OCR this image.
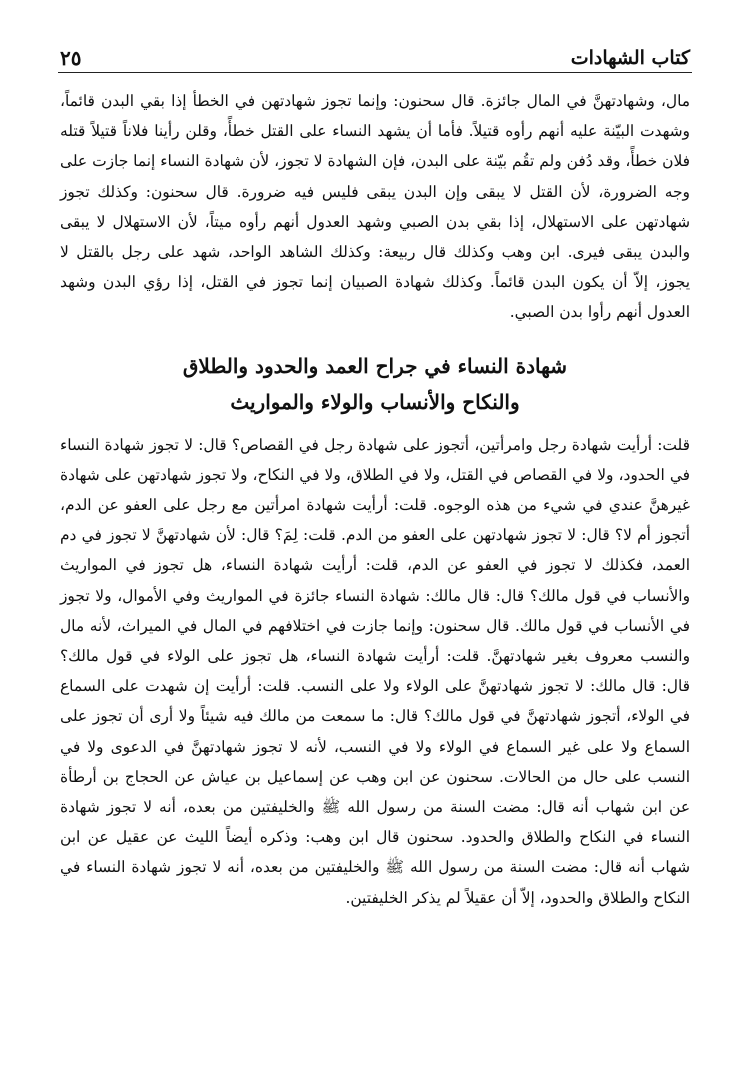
كتاب الشهادات
٢٥

مال، وشهادتهنَّ في المال جائزة. قال سحنون: وإنما تجوز شهادتهن في الخطأ إذا بقي البدن قائماً، وشهدت البيّنة عليه أنهم رأوه قتيلاً. فأما أن يشهد النساء على القتل خطأً، وقلن رأينا فلاناً قتيلاً قتله فلان خطأً، وقد دُفن ولم تقُم بيّنة على البدن، فإن الشهادة لا تجوز، لأن شهادة النساء إنما جازت على وجه الضرورة، لأن القتل لا يبقى وإن البدن يبقى فليس فيه ضرورة. قال سحنون: وكذلك تجوز شهادتهن على الاستهلال، إذا بقي بدن الصبي وشهد العدول أنهم رأوه ميتاً، لأن الاستهلال لا يبقى والبدن يبقى فيرى. ابن وهب وكذلك قال ربيعة: وكذلك الشاهد الواحد، شهد على رجل بالقتل لا يجوز، إلاّ أن يكون البدن قائماً. وكذلك شهادة الصبيان إنما تجوز في القتل، إذا رؤي البدن وشهد العدول أنهم رأوا بدن الصبي.

شهادة النساء في جراح العمد والحدود والطلاق
والنكاح والأنساب والولاء والمواريث

قلت: أرأيت شهادة رجل وامرأتين، أتجوز على شهادة رجل في القصاص؟ قال: لا تجوز شهادة النساء في الحدود، ولا في القصاص في القتل، ولا في الطلاق، ولا في النكاح، ولا تجوز شهادتهن على شهادة غيرهنَّ عندي في شيء من هذه الوجوه. قلت: أرأيت شهادة امرأتين مع رجل على العفو عن الدم، أتجوز أم لا؟ قال: لا تجوز شهادتهن على العفو من الدم. قلت: لِمَ؟ قال: لأن شهادتهنَّ لا تجوز في دم العمد، فكذلك لا تجوز في العفو عن الدم، قلت: أرأيت شهادة النساء، هل تجوز في المواريث والأنساب في قول مالك؟ قال: قال مالك: شهادة النساء جائزة في المواريث وفي الأموال، ولا تجوز في الأنساب في قول مالك. قال سحنون: وإنما جازت في اختلافهم في المال في الميراث، لأنه مال والنسب معروف بغير شهادتهنَّ. قلت: أرأيت شهادة النساء، هل تجوز على الولاء في قول مالك؟ قال: قال مالك: لا تجوز شهادتهنَّ على الولاء ولا على النسب. قلت: أرأيت إن شهدت على السماع في الولاء، أتجوز شهادتهنَّ في قول مالك؟ قال: ما سمعت من مالك فيه شيئاً ولا أرى أن تجوز على السماع ولا على غير السماع في الولاء ولا في النسب، لأنه لا تجوز شهادتهنَّ في الدعوى ولا في النسب على حال من الحالات. سحنون عن ابن وهب عن إسماعيل بن عياش عن الحجاج بن أرطأة عن ابن شهاب أنه قال: مضت السنة من رسول الله ﷺ والخليفتين من بعده، أنه لا تجوز شهادة النساء في النكاح والطلاق والحدود. سحنون قال ابن وهب: وذكره أيضاً الليث عن عقيل عن ابن شهاب أنه قال: مضت السنة من رسول الله ﷺ والخليفتين من بعده، أنه لا تجوز شهادة النساء في النكاح والطلاق والحدود، إلاّ أن عقيلاً لم يذكر الخليفتين.
